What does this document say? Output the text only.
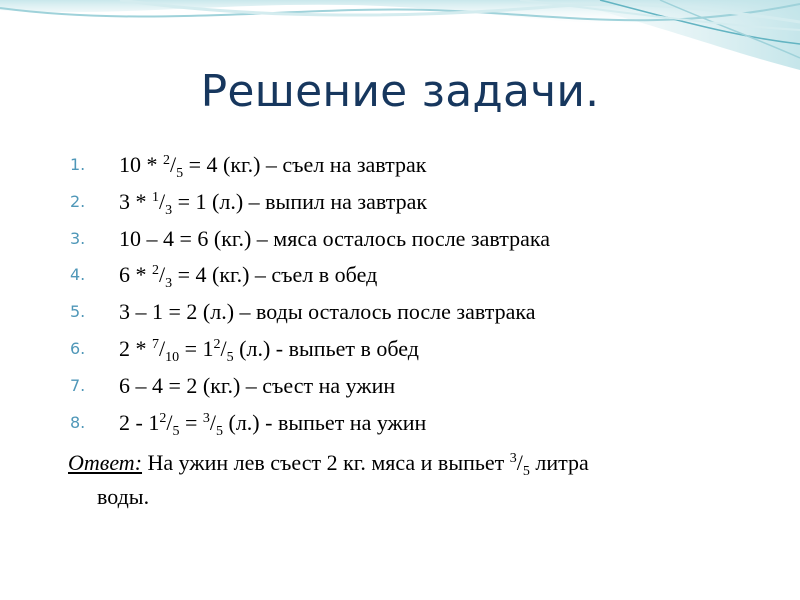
Решение задачи.
1. $10 * ^2/_5 = 4$ (кг.) – съел на завтрак
2. $3 * ^1/_3 = 1$ (л.) – выпил на завтрак
3. 10 – 4 = 6 (кг.) – мяса осталось после завтрака
4. $6 * ^2/_3 = 4$ (кг.) – съел в обед
5. 3 – 1 = 2 (л.) – воды осталось после завтрака
6. $2 * ^7/_{10} = 1^2/_5$ (л.) - выпьет в обед
7. 6 – 4 = 2 (кг.) – съест на ужин
8. $2 - 1^2/_5 = ^3/_5$ (л.) - выпьет на ужин
Ответ: На ужин лев съест 2 кг. мяса и выпьет $^3/_5$ литра
воды.
